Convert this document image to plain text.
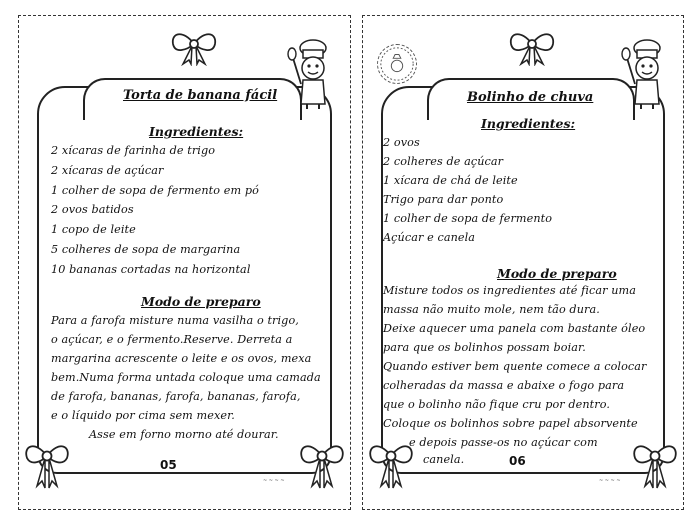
Torta de banana fácil
Ingredientes:
2 xícaras de farinha de trigo
2 xícaras de açúcar
1 colher de sopa de fermento em pó
2 ovos batidos
1 copo de leite
5 colheres de sopa de margarina
10 bananas cortadas na horizontal
Modo de preparo
Para a farofa misture numa vasilha o trigo,
o açúcar, e o fermento.Reserve. Derreta a
margarina acrescente o leite e os ovos, mexa
bem.Numa forma untada coloque uma camada
de farofa, bananas, farofa, bananas, farofa,
e o líquido por cima sem mexer.
Asse em forno morno até dourar.
05
~ ~ ~ ~
Bolinho de chuva
Ingredientes:
2 ovos
2 colheres de açúcar
1 xícara de chá de leite
Trigo para dar ponto
1 colher de sopa de fermento
Açúcar e canela
Modo de preparo
Misture todos os ingredientes até ficar uma
massa não muito mole, nem tão dura.
Deixe aquecer uma panela com bastante óleo
para que os bolinhos possam boiar.
Quando estiver bem quente comece a colocar
colheradas da massa e abaixe o fogo para
que o bolinho não fique cru por dentro.
Coloque os bolinhos sobre papel absorvente
e depois passe-os no açúcar com
canela.	06
~ ~ ~ ~
